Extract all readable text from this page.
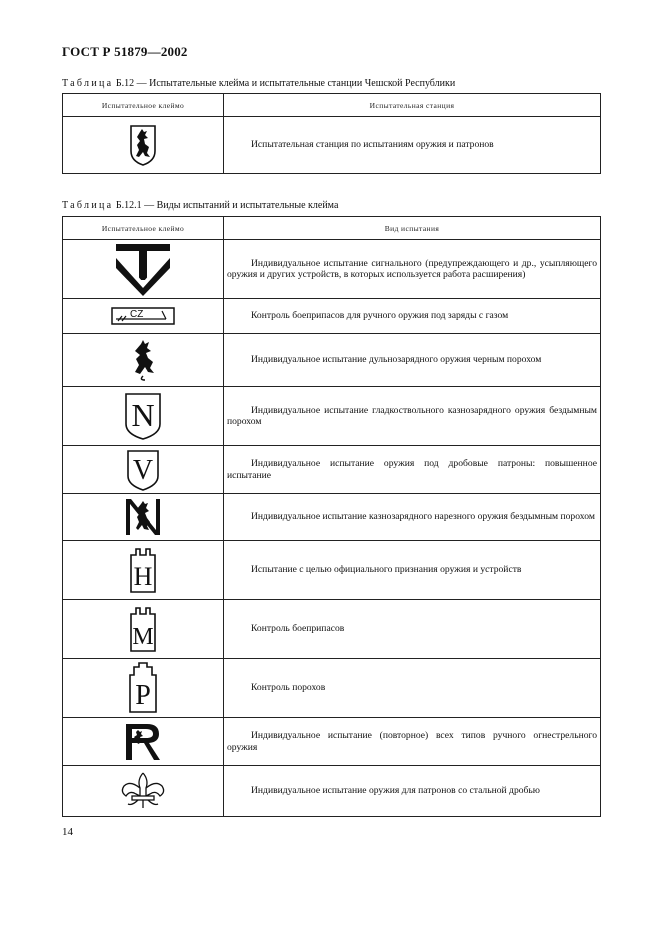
ГОСТ Р 51879—2002
Таблица Б.12 — Испытательные клейма и испытательные станции Чешской Республики
Испытательное клеймо	Испытательная станция

Испытательная станция по испытаниям оружия и патронов
Таблица Б.12.1 — Виды испытаний и испытательные клейма
Испытательное клеймо	Вид испытания

Индивидуальное испытание сигнального (предупреждающего и др., усыпляющего оружия и других устройств, в которых используется работа расширения)

CZ	Контроль боеприпасов для ручного оружия под заряды с газом

Индивидуальное испытание дульнозарядного оружия черным порохом

N	Индивидуальное испытание гладкоствольного казнозарядного оружия бездымным порохом

V	Индивидуальное испытание оружия под дробовые патроны: повышенное испытание

Индивидуальное испытание казнозарядного нарезного оружия бездымным порохом

H	Испытание с целью официального признания оружия и устройств

M	Контроль боеприпасов

P	Контроль порохов

Индивидуальное испытание (повторное) всех типов ручного огнестрельного оружия

Индивидуальное испытание оружия для патронов со стальной дробью
14
